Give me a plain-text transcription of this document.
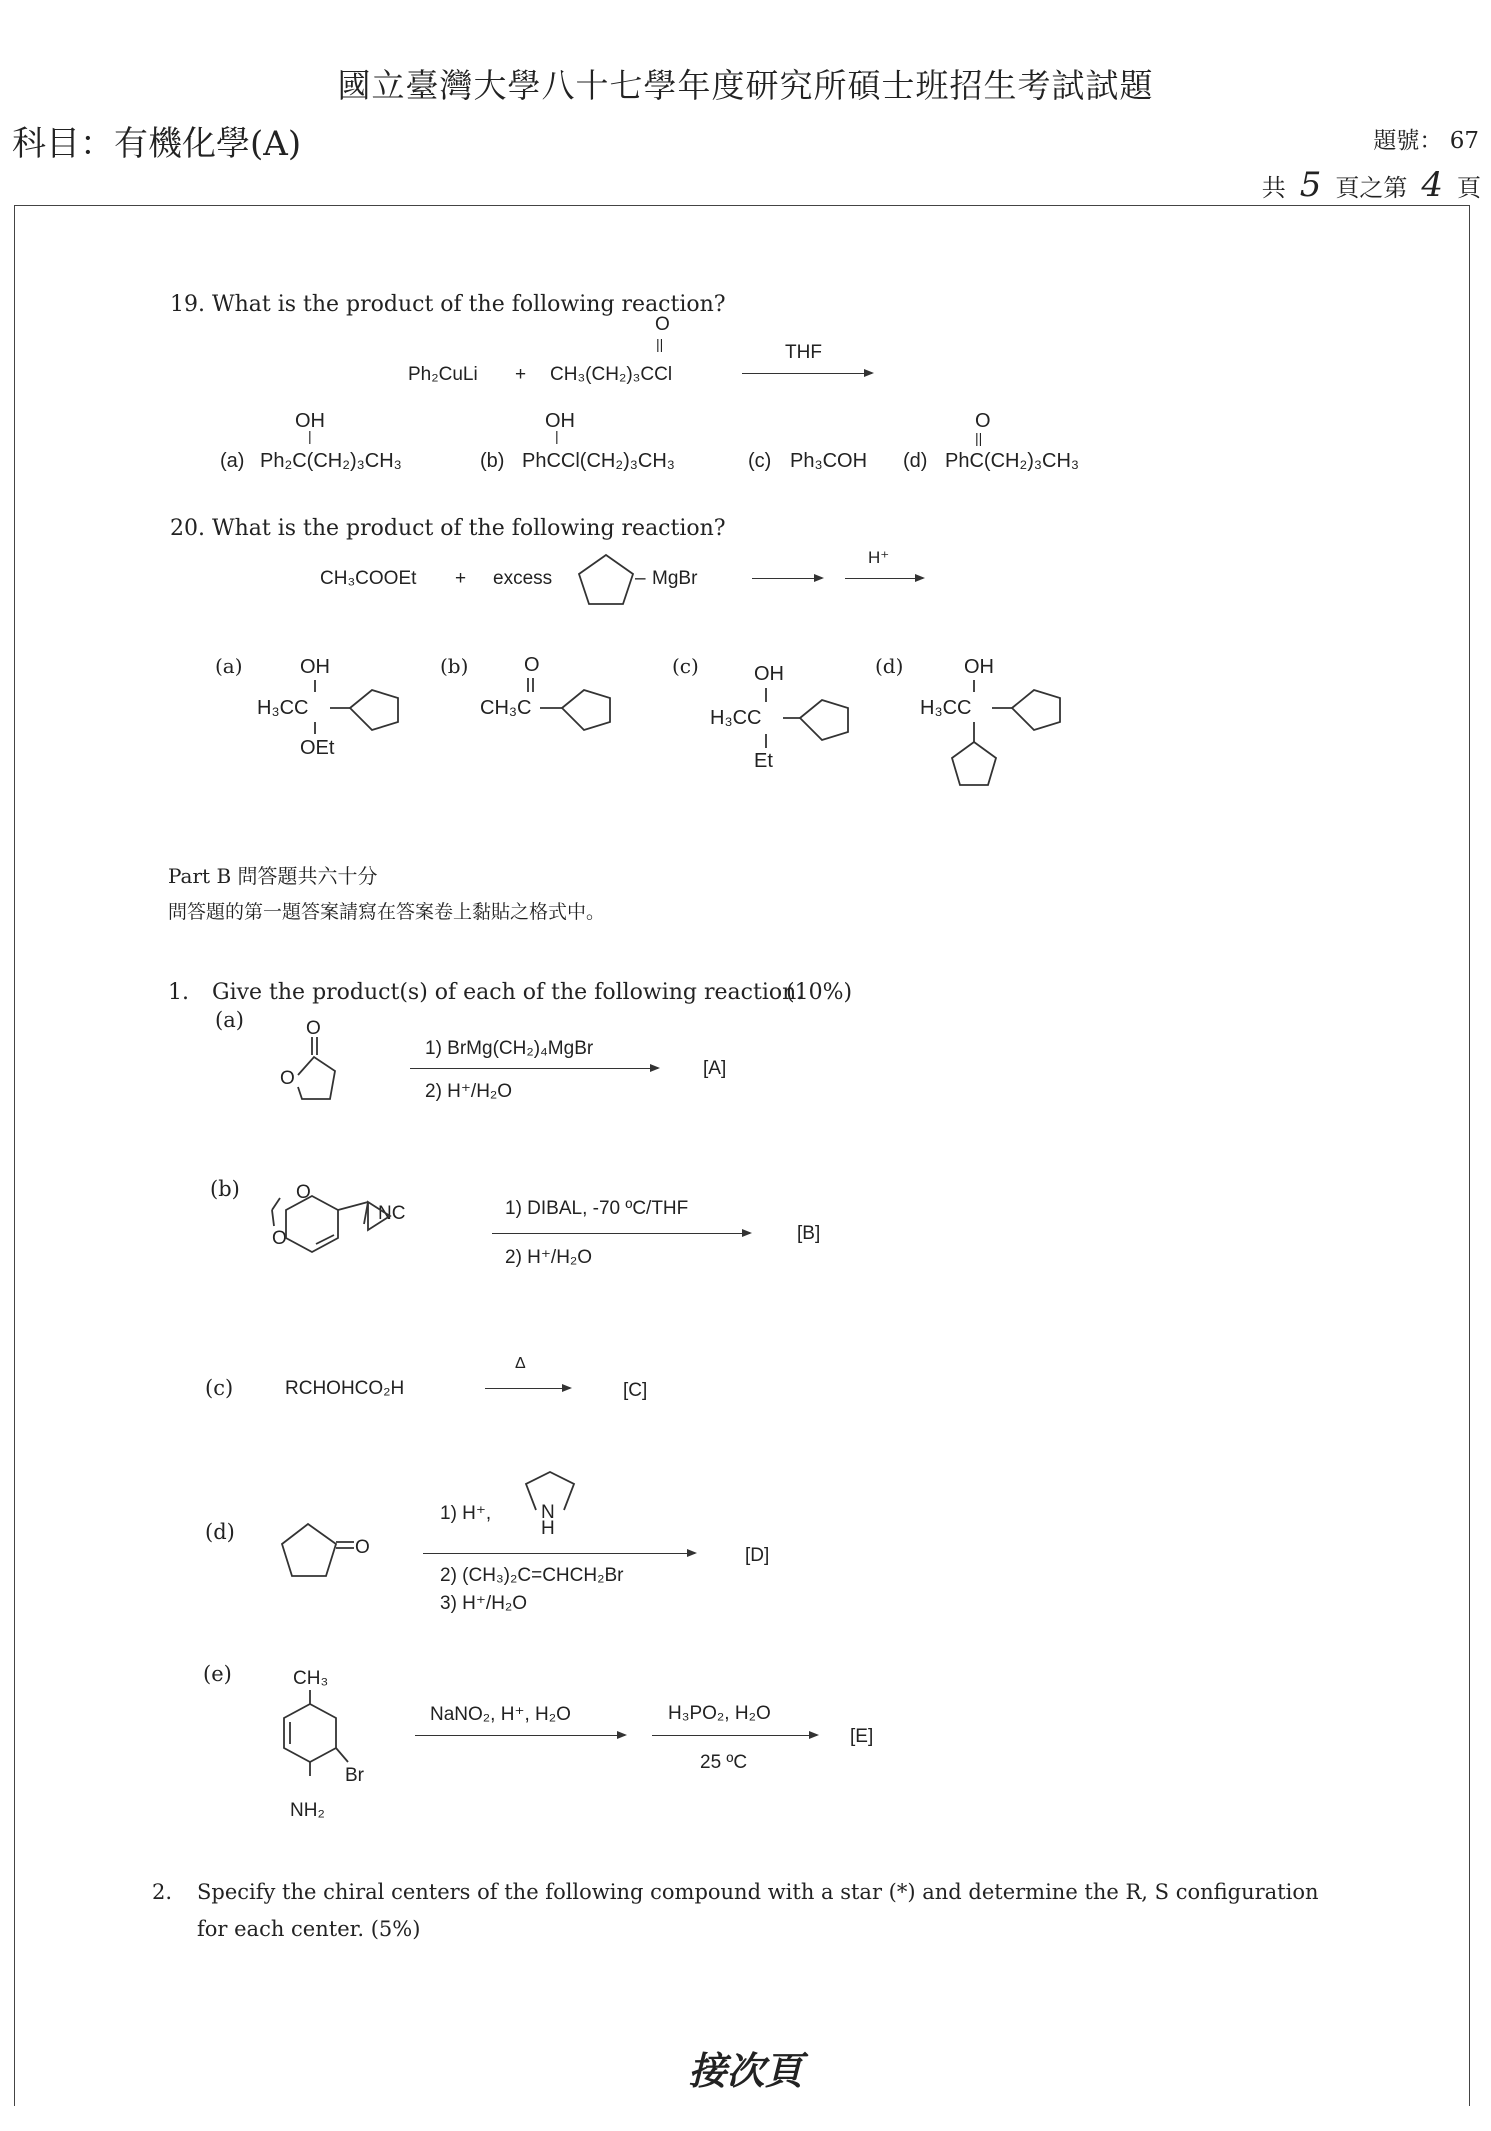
國立臺灣大學八十七學年度研究所碩士班招生考試試題
科目：有機化學(A)	題號： 67
共 5 頁之第 4 頁
19. What is the product of the following reaction?
O
||
Ph₂CuLi + CH₃(CH₂)₃CCl
THF
OH
|
(a) Ph₂C(CH₂)₃CH₃
OH
|
(b) PhCCl(CH₂)₃CH₃	(c) Ph₃COH
O
||
(d) PhC(CH₂)₃CH₃
20. What is the product of the following reaction?
CH₃COOEt + excess	– MgBr
H⁺
(a)	OH
H₃CC
OEt
(b)	O
CH₃C
(c)	OH
H₃CC
Et
(d)	OH
H₃CC
Part B 問答題共六十分
問答題的第一題答案請寫在答案卷上黏貼之格式中。
1. Give the product(s) of each of the following reaction.
(10%)
(a)	O
O
1) BrMg(CH₂)₄MgBr
2) H⁺/H₂O
[A]
(b)	O
O
NC	1) DIBAL, -70 ºC/THF
2) H⁺/H₂O
[B]
(c)	RCHOHCO₂H
Δ
[C]
(d)
O
1) H⁺,	N
H
2) (CH₃)₂C=CHCH₂Br
3) H⁺/H₂O
[D]
(e)	CH₃
Br
NH₂
NaNO₂, H⁺, H₂O	H₃PO₂, H₂O
25 ºC
[E]
2. Specify the chiral centers of the following compound with a star (*) and determine the R, S configuration
for each center. (5%)
接次頁
